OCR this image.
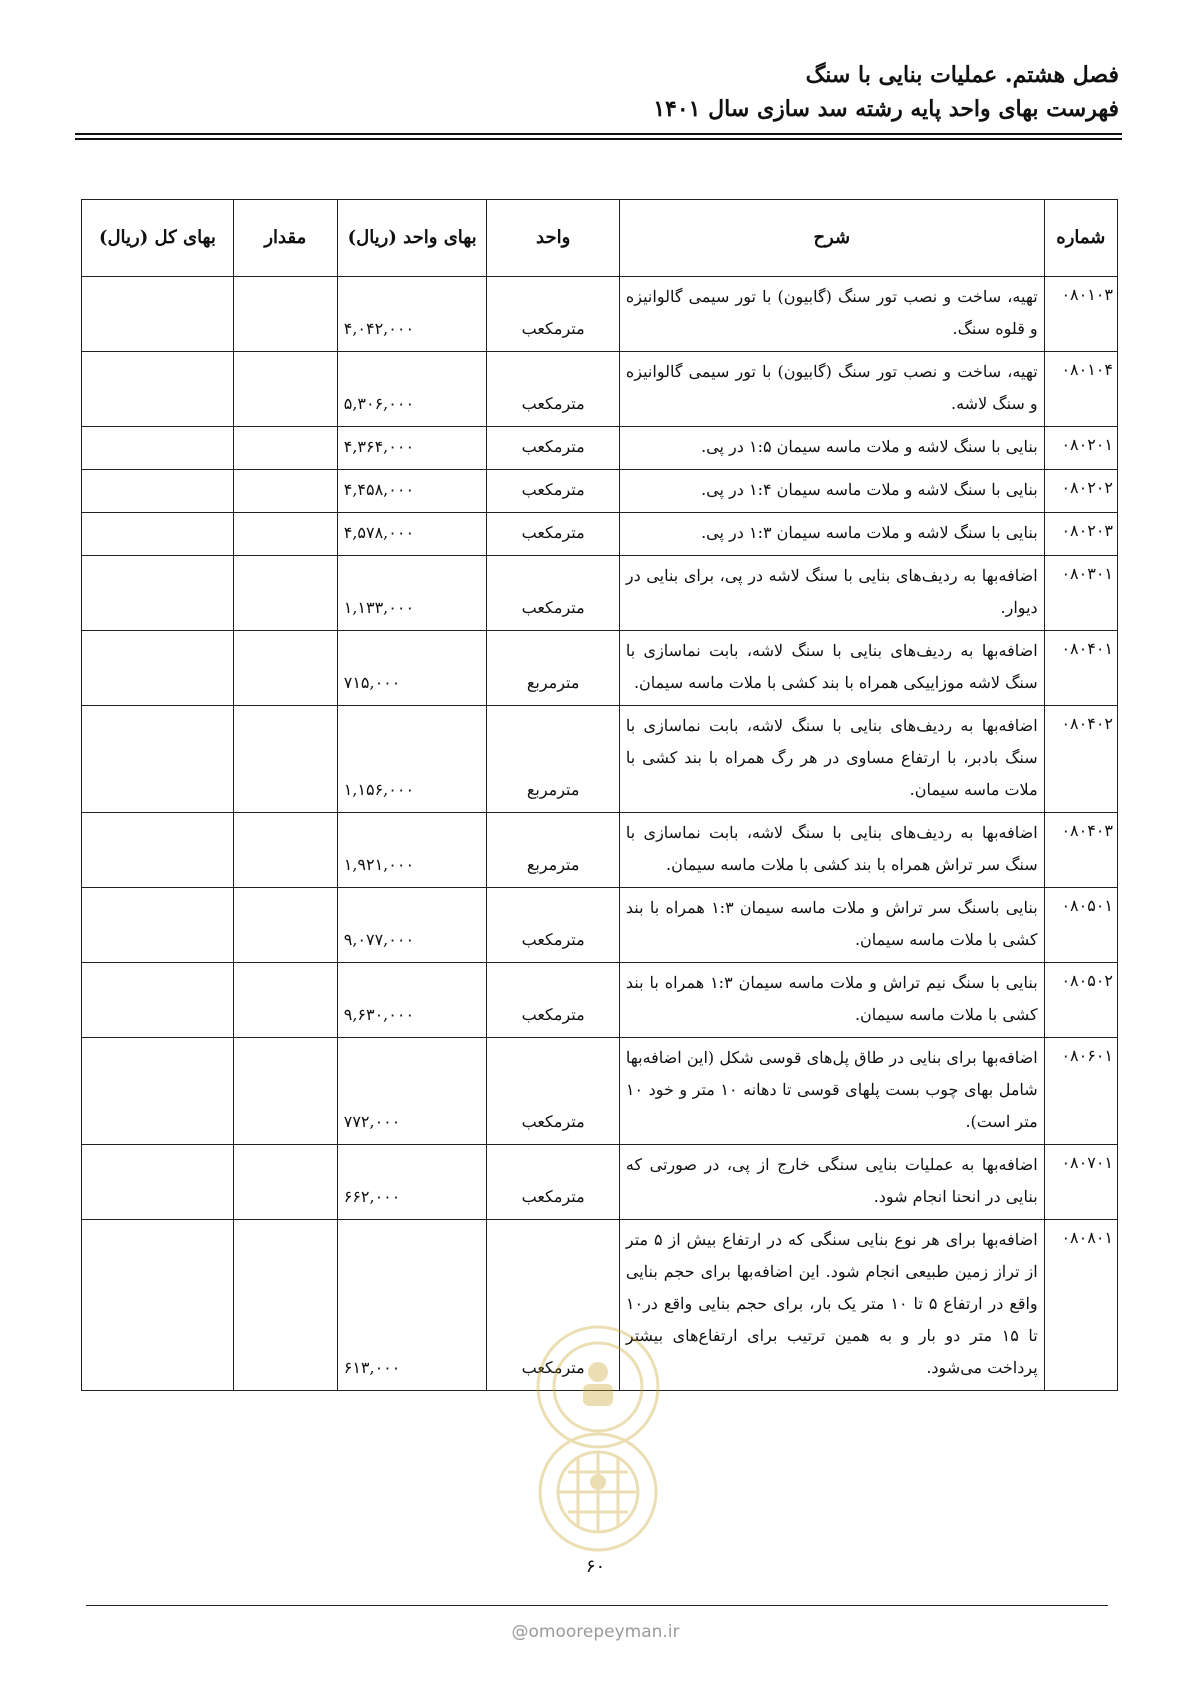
فصل هشتم. عملیات بنایی با سنگ
فهرست بهای واحد پایه رشته سد سازی سال ۱۴۰۱
شماره	شرح	واحد	بهای واحد (ریال)	مقدار	بهای کل (ریال)
۰۸۰۱۰۳	تهیه، ساخت و نصب تور سنگ (گابیون) با تور سیمی گالوانیزه و قلوه سنگ.	مترمکعب	۴,۰۴۲,۰۰۰		
۰۸۰۱۰۴	تهیه، ساخت و نصب تور سنگ (گابیون) با تور سیمی گالوانیزه و سنگ لاشه.	مترمکعب	۵,۳۰۶,۰۰۰		
۰۸۰۲۰۱	بنایی با سنگ لاشه و ملات ماسه سیمان ۱:۵ در پی.	مترمکعب	۴,۳۶۴,۰۰۰		
۰۸۰۲۰۲	بنایی با سنگ لاشه و ملات ماسه سیمان ۱:۴ در پی.	مترمکعب	۴,۴۵۸,۰۰۰		
۰۸۰۲۰۳	بنایی با سنگ لاشه و ملات ماسه سیمان ۱:۳ در پی.	مترمکعب	۴,۵۷۸,۰۰۰		
۰۸۰۳۰۱	اضافه‌بها به ردیف‌های بنایی با سنگ لاشه در پی، برای بنایی در دیوار.	مترمکعب	۱,۱۳۳,۰۰۰		
۰۸۰۴۰۱	اضافه‌بها به ردیف‌های بنایی با سنگ لاشه، بابت نماسازی با سنگ لاشه موزاییکی همراه با بند کشی با ملات ماسه سیمان.	مترمربع	۷۱۵,۰۰۰		
۰۸۰۴۰۲	اضافه‌بها به ردیف‌های بنایی با سنگ لاشه، بابت نماسازی با سنگ بادبر، با ارتفاع مساوی در هر رگ همراه با بند کشی با ملات ماسه سیمان.	مترمربع	۱,۱۵۶,۰۰۰		
۰۸۰۴۰۳	اضافه‌بها به ردیف‌های بنایی با سنگ لاشه، بابت نماسازی با سنگ سر تراش همراه با بند کشی با ملات ماسه سیمان.	مترمربع	۱,۹۲۱,۰۰۰		
۰۸۰۵۰۱	بنایی باسنگ سر تراش و ملات ماسه سیمان ۱:۳ همراه با بند کشی با ملات ماسه سیمان.	مترمکعب	۹,۰۷۷,۰۰۰		
۰۸۰۵۰۲	بنایی با سنگ نیم تراش و ملات ماسه سیمان ۱:۳ همراه با بند کشی با ملات ماسه سیمان.	مترمکعب	۹,۶۳۰,۰۰۰		
۰۸۰۶۰۱	اضافه‌بها برای بنایی در طاق پل‌های قوسی شکل (این اضافه‌بها شامل بهای چوب بست پلهای قوسی تا دهانه ۱۰ متر و خود ۱۰ متر است).	مترمکعب	۷۷۲,۰۰۰		
۰۸۰۷۰۱	اضافه‌بها به عملیات بنایی سنگی خارج از پی، در صورتی که بنایی در انحنا انجام شود.	مترمکعب	۶۶۲,۰۰۰		
۰۸۰۸۰۱	اضافه‌بها برای هر نوع بنایی سنگی که در ارتفاع بیش از ۵ متر از تراز زمین طبیعی انجام شود. این اضافه‌بها برای حجم بنایی واقع در ارتفاع ۵ تا ۱۰ متر یک بار، برای حجم بنایی واقع در۱۰ تا ۱۵ متر دو بار و به همین ترتیب برای ارتفاع‌های بیشتر پرداخت می‌شود.	مترمکعب	۶۱۳,۰۰۰		
۶۰
@omoorepeyman.ir
